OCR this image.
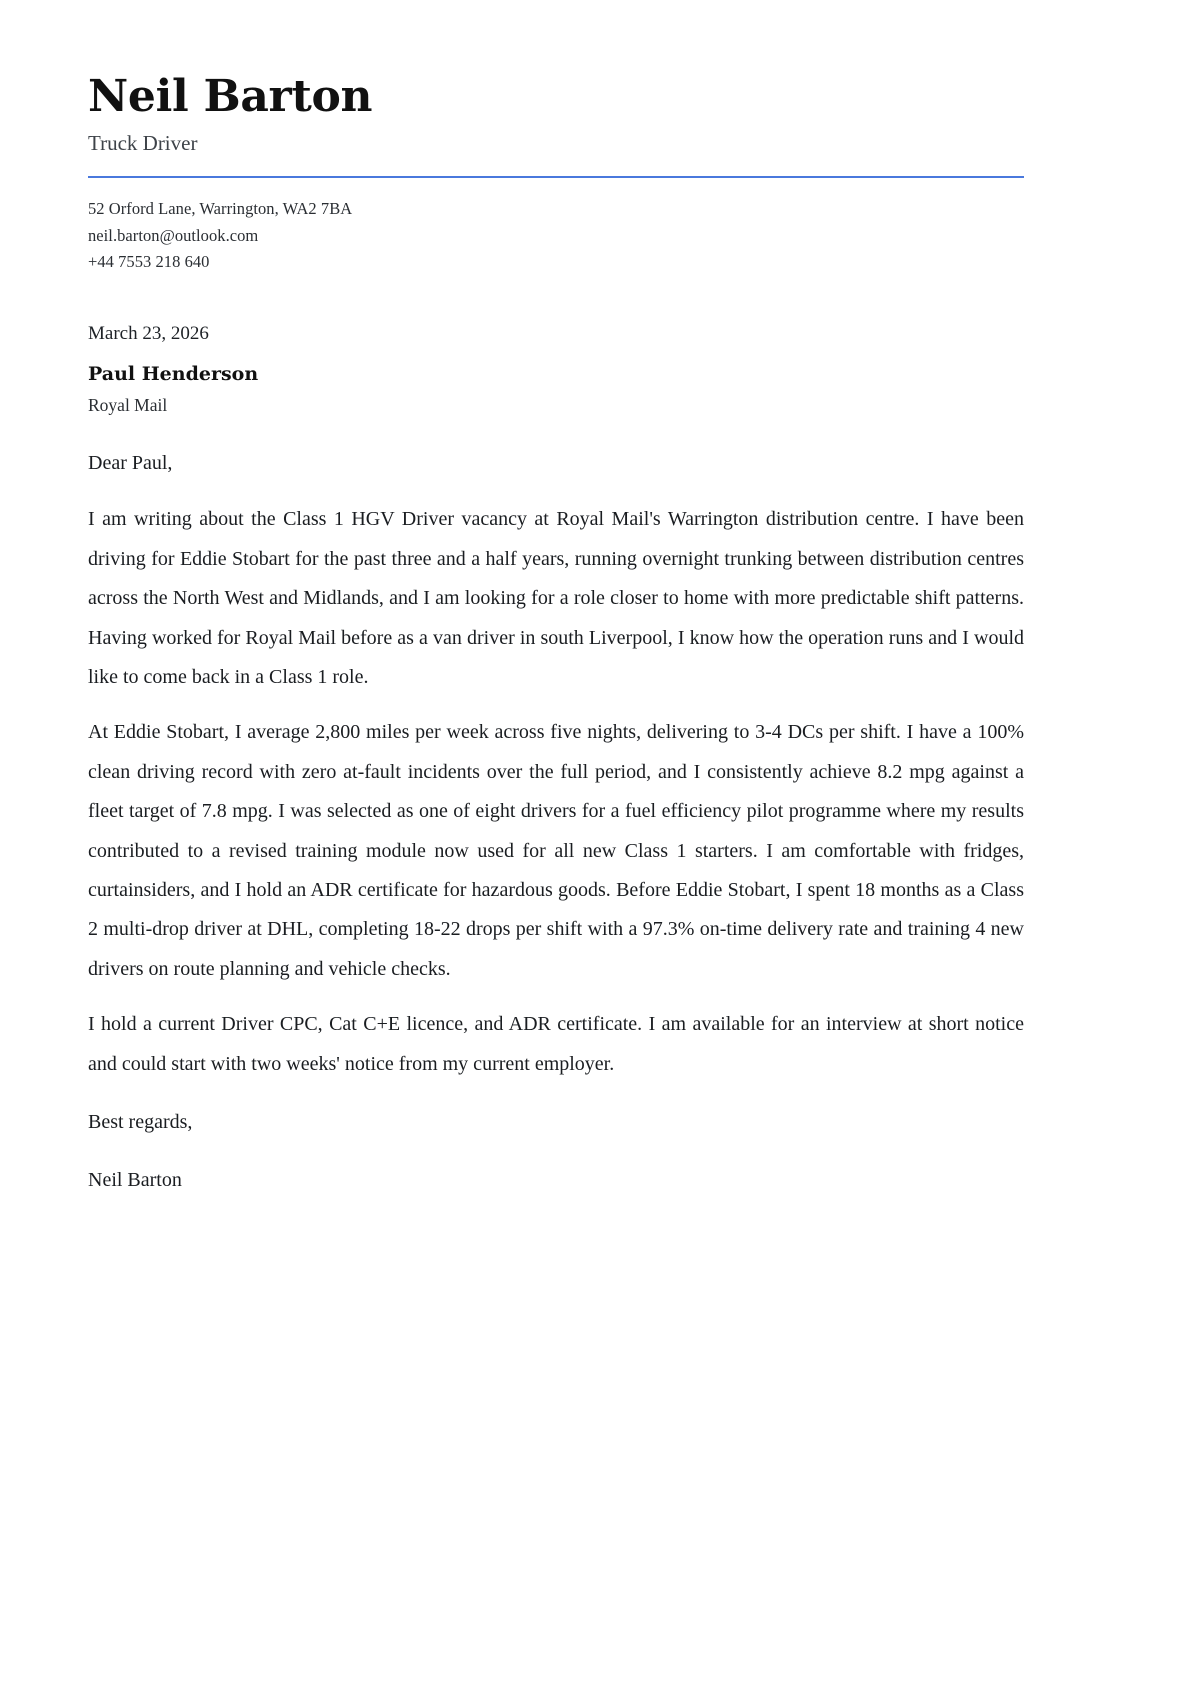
Neil Barton
Truck Driver
52 Orford Lane, Warrington, WA2 7BA
neil.barton@outlook.com
+44 7553 218 640
March 23, 2026
Paul Henderson
Royal Mail
Dear Paul,

I am writing about the Class 1 HGV Driver vacancy at Royal Mail's Warrington distribution centre. I have been driving for Eddie Stobart for the past three and a half years, running overnight trunking between distribution centres across the North West and Midlands, and I am looking for a role closer to home with more predictable shift patterns. Having worked for Royal Mail before as a van driver in south Liverpool, I know how the operation runs and I would like to come back in a Class 1 role.

At Eddie Stobart, I average 2,800 miles per week across five nights, delivering to 3-4 DCs per shift. I have a 100% clean driving record with zero at-fault incidents over the full period, and I consistently achieve 8.2 mpg against a fleet target of 7.8 mpg. I was selected as one of eight drivers for a fuel efficiency pilot programme where my results contributed to a revised training module now used for all new Class 1 starters. I am comfortable with fridges, curtainsiders, and I hold an ADR certificate for hazardous goods. Before Eddie Stobart, I spent 18 months as a Class 2 multi-drop driver at DHL, completing 18-22 drops per shift with a 97.3% on-time delivery rate and training 4 new drivers on route planning and vehicle checks.

I hold a current Driver CPC, Cat C+E licence, and ADR certificate. I am available for an interview at short notice and could start with two weeks' notice from my current employer.

Best regards,
Neil Barton
